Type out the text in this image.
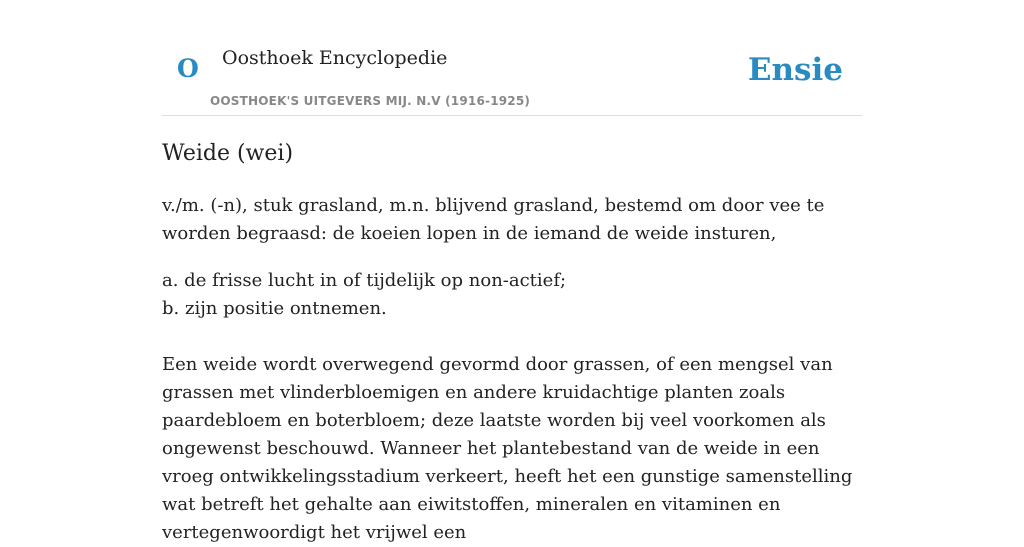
O Oosthoek Encyclopedie
OOSTHOEK'S UITGEVERS MIJ. N.V (1916-1925)
Ensie
Weide (wei)

v./m. (-n), stuk grasland, m.n. blijvend grasland, bestemd om door vee te worden begraasd: de koeien lopen in de iemand de weide insturen,

a. de frisse lucht in of tijdelijk op non-actief;

b. zijn positie ontnemen.

Een weide wordt overwegend gevormd door grassen, of een mengsel van grassen met vlinderbloemigen en andere kruidachtige planten zoals paardebloem en boterbloem; deze laatste worden bij veel voorkomen als ongewenst beschouwd. Wanneer het plantebestand van de weide in een vroeg ontwikkelingsstadium verkeert, heeft het een gunstige samenstelling wat betreft het gehalte aan eiwitstoffen, mineralen en vitaminen en vertegenwoordigt het vrijwel een
